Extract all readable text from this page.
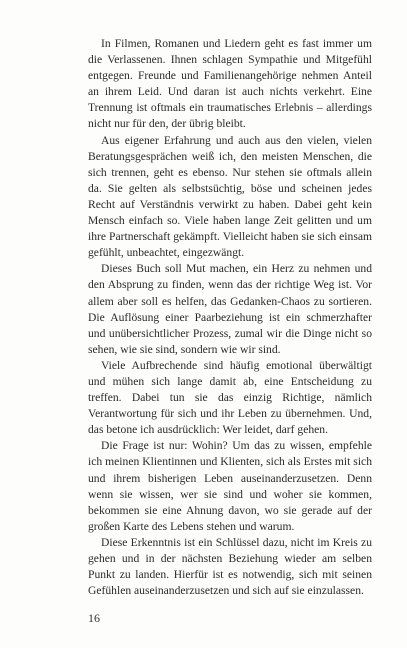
In Filmen, Romanen und Liedern geht es fast immer um die Verlassenen. Ihnen schlagen Sympathie und Mitgefühl entgegen. Freunde und Familienangehörige nehmen Anteil an ihrem Leid. Und daran ist auch nichts verkehrt. Eine Trennung ist oftmals ein traumatisches Erlebnis – allerdings nicht nur für den, der übrig bleibt.

Aus eigener Erfahrung und auch aus den vielen, vielen Beratungsgesprächen weiß ich, den meisten Menschen, die sich trennen, geht es ebenso. Nur stehen sie oftmals allein da. Sie gelten als selbstsüchtig, böse und scheinen jedes Recht auf Verständnis verwirkt zu haben. Dabei geht kein Mensch einfach so. Viele haben lange Zeit gelitten und um ihre Partnerschaft gekämpft. Vielleicht haben sie sich einsam gefühlt, unbeachtet, eingezwängt.

Dieses Buch soll Mut machen, ein Herz zu nehmen und den Absprung zu finden, wenn das der richtige Weg ist. Vor allem aber soll es helfen, das Gedanken-Chaos zu sortieren. Die Auflösung einer Paarbeziehung ist ein schmerzhafter und unübersichtlicher Prozess, zumal wir die Dinge nicht so sehen, wie sie sind, sondern wie wir sind.

Viele Aufbrechende sind häufig emotional überwältigt und mühen sich lange damit ab, eine Entscheidung zu treffen. Dabei tun sie das einzig Richtige, nämlich Verantwortung für sich und ihr Leben zu übernehmen. Und, das betone ich ausdrücklich: Wer leidet, darf gehen.

Die Frage ist nur: Wohin? Um das zu wissen, empfehle ich meinen Klientinnen und Klienten, sich als Erstes mit sich und ihrem bisherigen Leben auseinanderzusetzen. Denn wenn sie wissen, wer sie sind und woher sie kommen, bekommen sie eine Ahnung davon, wo sie gerade auf der großen Karte des Lebens stehen und warum.

Diese Erkenntnis ist ein Schlüssel dazu, nicht im Kreis zu gehen und in der nächsten Beziehung wieder am selben Punkt zu landen. Hierfür ist es notwendig, sich mit seinen Gefühlen auseinanderzusetzen und sich auf sie einzulassen.

16
